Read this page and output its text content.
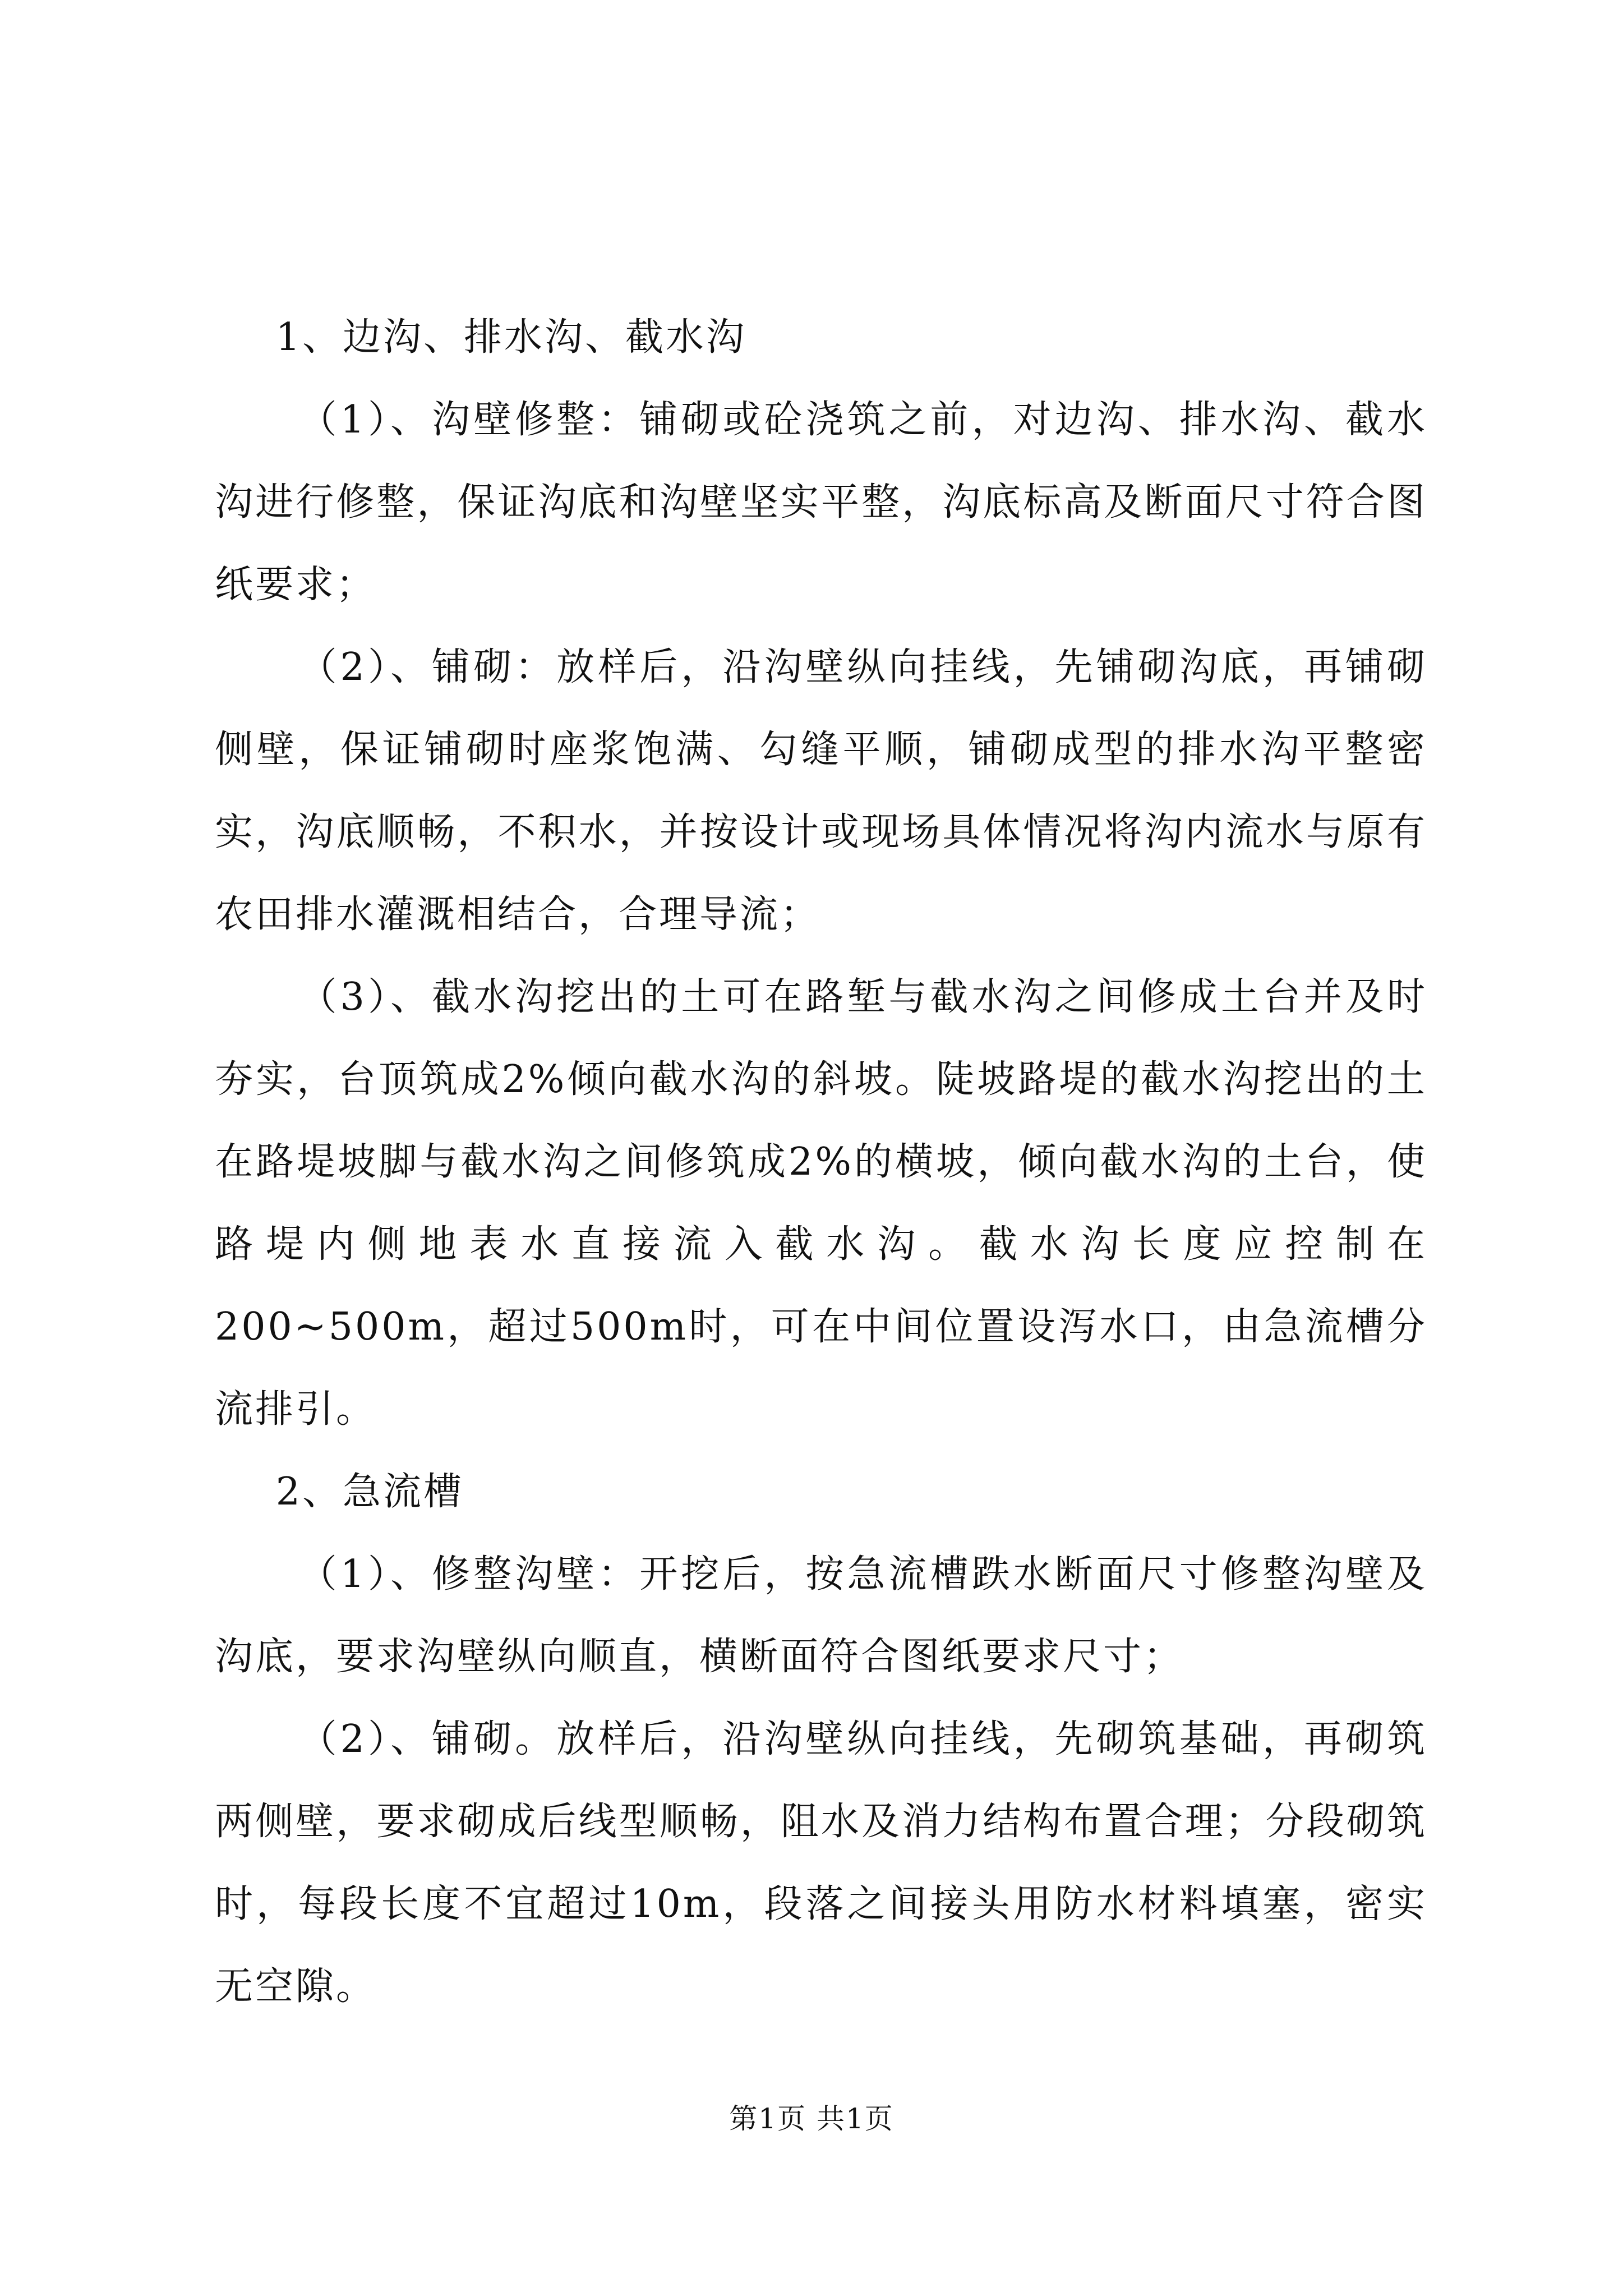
1、边沟、排水沟、截水沟

（1）、沟壁修整：铺砌或砼浇筑之前，对边沟、排水沟、截水沟进行修整，保证沟底和沟壁坚实平整，沟底标高及断面尺寸符合图纸要求；

（2）、铺砌：放样后，沿沟壁纵向挂线，先铺砌沟底，再铺砌侧壁，保证铺砌时座浆饱满、勾缝平顺，铺砌成型的排水沟平整密实，沟底顺畅，不积水，并按设计或现场具体情况将沟内流水与原有农田排水灌溉相结合，合理导流；

（3）、截水沟挖出的土可在路堑与截水沟之间修成土台并及时夯实，台顶筑成2%倾向截水沟的斜坡。陡坡路堤的截水沟挖出的土在路堤坡脚与截水沟之间修筑成2%的横坡，倾向截水沟的土台，使路堤内侧地表水直接流入截水沟。截水沟长度应控制在200~500m，超过500m时，可在中间位置设泻水口，由急流槽分流排引。

2、急流槽

（1）、修整沟壁：开挖后，按急流槽跌水断面尺寸修整沟壁及沟底，要求沟壁纵向顺直，横断面符合图纸要求尺寸；

（2）、铺砌。放样后，沿沟壁纵向挂线，先砌筑基础，再砌筑两侧壁，要求砌成后线型顺畅，阻水及消力结构布置合理；分段砌筑时，每段长度不宜超过10m，段落之间接头用防水材料填塞，密实无空隙。

第1页 共1页
